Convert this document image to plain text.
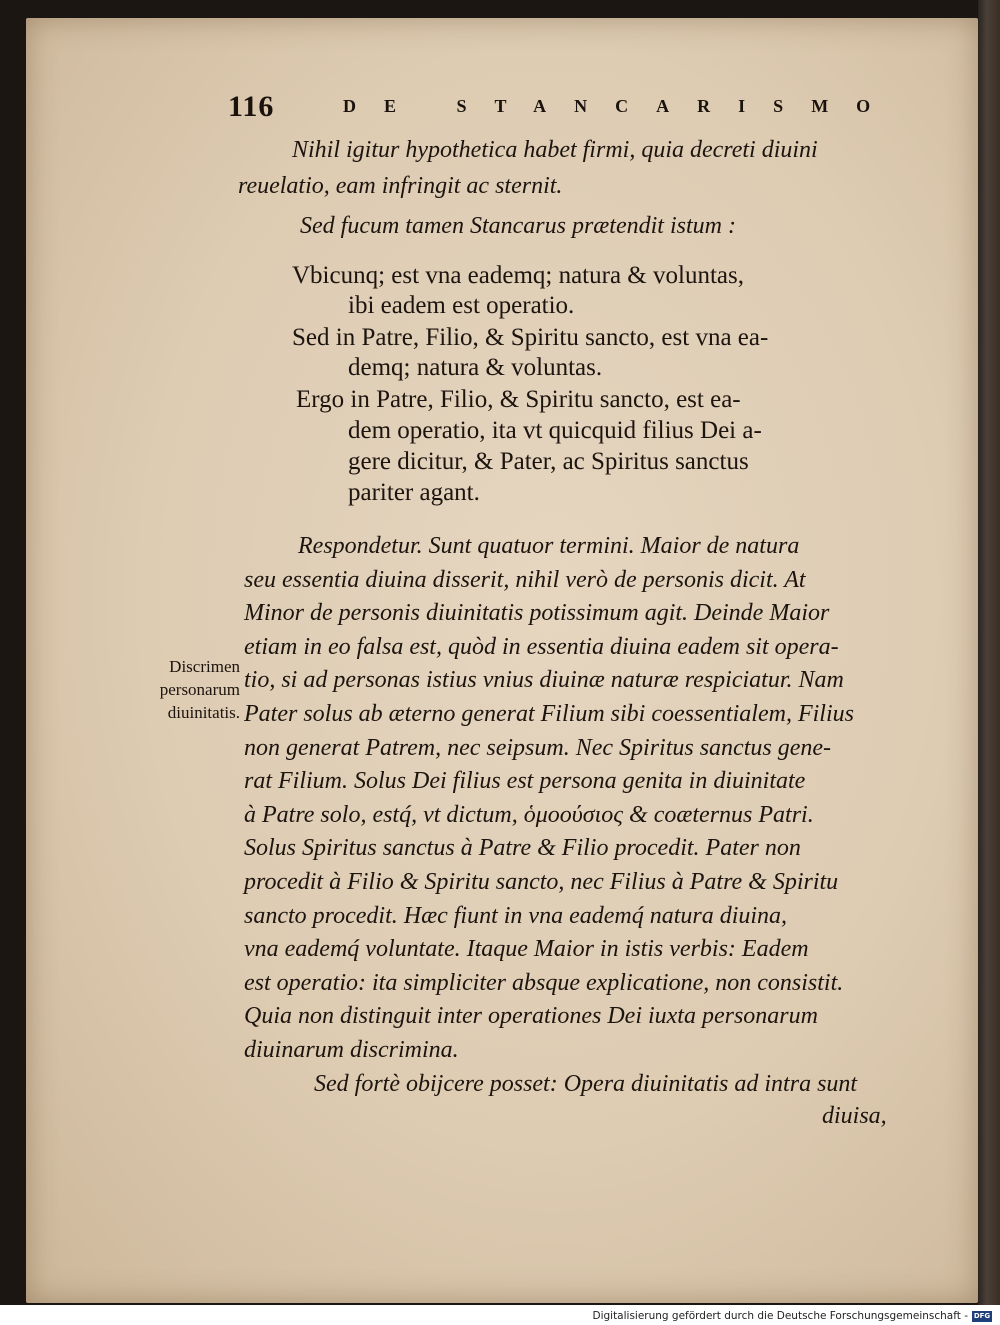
116	DE STANCARISMO
Nihil igitur hypothetica habet firmi, quia decreti diuini
reuelatio, eam infringit ac sternit.
Sed fucum tamen Stancarus prætendit istum :
Vbicunq; est vna eademq; natura & voluntas,
ibi eadem est operatio.
Sed in Patre, Filio, & Spiritu sancto, est vna ea-
demq; natura & voluntas.
Ergo in Patre, Filio, & Spiritu sancto, est ea-
dem operatio, ita vt quicquid filius Dei a-
gere dicitur, & Pater, ac Spiritus sanctus
pariter agant.
Discrimen
personarum
diuinitatis.
Respondetur. Sunt quatuor termini. Maior de natura
seu essentia diuina disserit, nihil verò de personis dicit. At
Minor de personis diuinitatis potissimum agit. Deinde Maior
etiam in eo falsa est, quòd in essentia diuina eadem sit opera-
tio, si ad personas istius vnius diuinæ naturæ respiciatur. Nam
Pater solus ab æterno generat Filium sibi coessentialem, Filius
non generat Patrem, nec seipsum. Nec Spiritus sanctus gene-
rat Filium. Solus Dei filius est persona genita in diuinitate
à Patre solo, estq́, vt dictum, ὁμοούσιος & coæternus Patri.
Solus Spiritus sanctus à Patre & Filio procedit. Pater non
procedit à Filio & Spiritu sancto, nec Filius à Patre & Spiritu
sancto procedit. Hæc fiunt in vna eademq́ natura diuina,
vna eademq́ voluntate. Itaque Maior in istis verbis: Eadem
est operatio: ita simpliciter absque explicatione, non consistit.
Quia non distinguit inter operationes Dei iuxta personarum
diuinarum discrimina.
Sed fortè obijcere posset: Opera diuinitatis ad intra sunt
diuisa,
Digitalisierung gefördert durch die Deutsche Forschungsgemeinschaft - DFG
